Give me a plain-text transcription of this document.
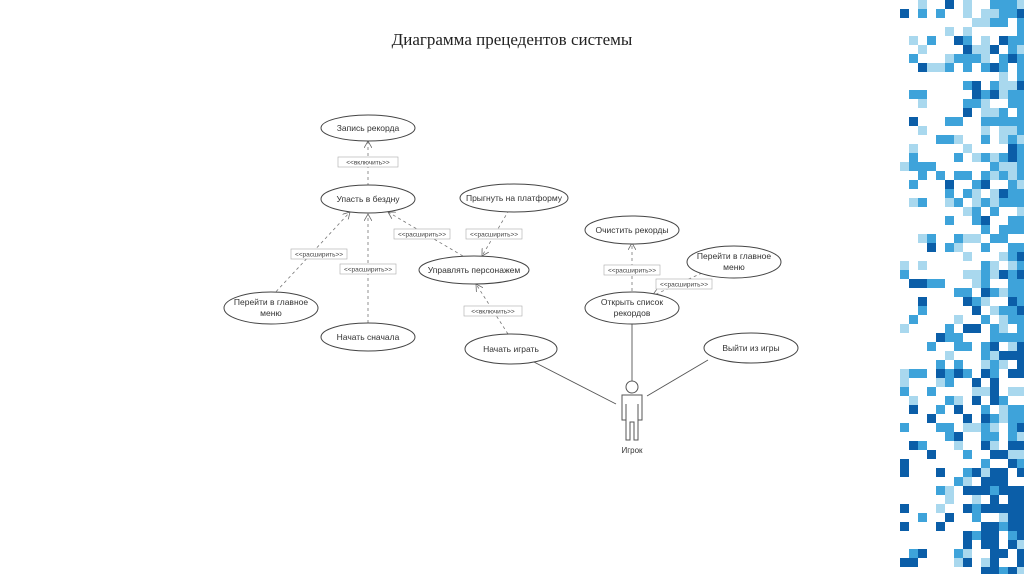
Диаграмма прецедентов системы
<<включить>>
<<расширить>>	<<расширить>>
<<расширить>>
<<расширить>>
<<включить>>
<<расширить>>
<<расширить>>
Запись рекорда
Упасть в бездну	Прыгнуть на платформу
Очистить рекорды
Управлять персонажем
Перейти в главное
меню
Перейти в главное
меню
Начать сначала
Открыть список
рекордов
Начать играть	Выйти из игры
Игрок
